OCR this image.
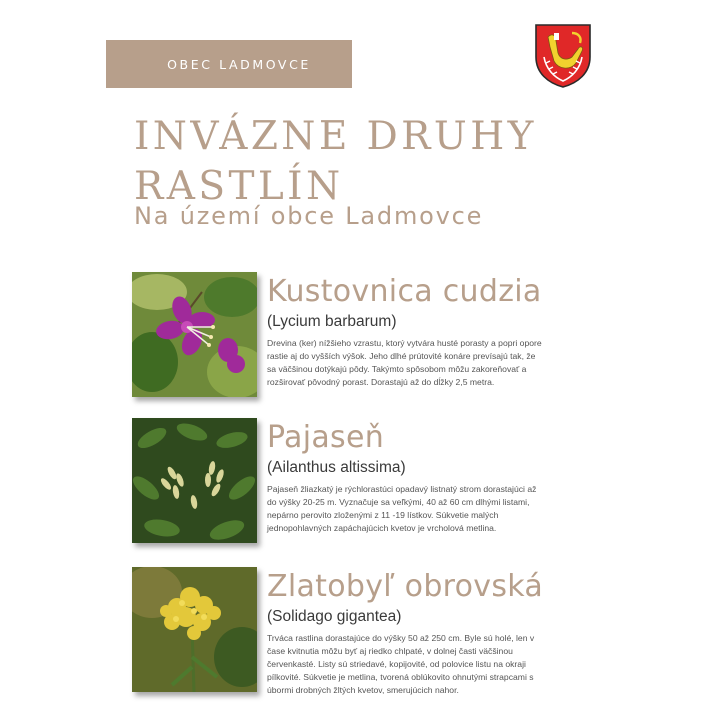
OBEC LADMOVCE
INVÁZNE DRUHY RASTLÍN
Na území obce Ladmovce
Kustovnica cudzia
(Lycium barbarum)

Drevina (ker) nížšieho vzrastu, ktorý vytvára husté porasty a popri opore rastie aj do vyšších výšok. Jeho dlhé prútovité konáre prevísajú tak, že sa väčšinou dotýkajú pôdy. Takýmto spôsobom môžu zakoreňovať a rozširovať pôvodný porast. Dorastajú až do dĺžky 2,5 metra.

Pajaseň
(Ailanthus altissima)

Pajaseň žliazkatý je rýchlorastúci opadavý listnatý strom dorastajúci až do výšky 20-25 m. Vyznačuje sa veľkými, 40 až 60 cm dlhými listami, nepárno perovito zloženými z 11 -19 lístkov. Súkvetie malých jednopohlavných zapáchajúcich kvetov je vrcholová metlina.

Zlatobyľ obrovská
(Solidago gigantea)

Trváca rastlina dorastajúce do výšky 50 až 250 cm. Byle sú holé, len v čase kvitnutia môžu byť aj riedko chlpaté, v dolnej časti väčšinou červenkasté. Listy sú striedavé, kopijovité, od polovice listu na okraji pílkovité. Súkvetie je metlina, tvorená oblúkovito ohnutými strapcami s úbormi drobných žltých kvetov, smerujúcich nahor.
